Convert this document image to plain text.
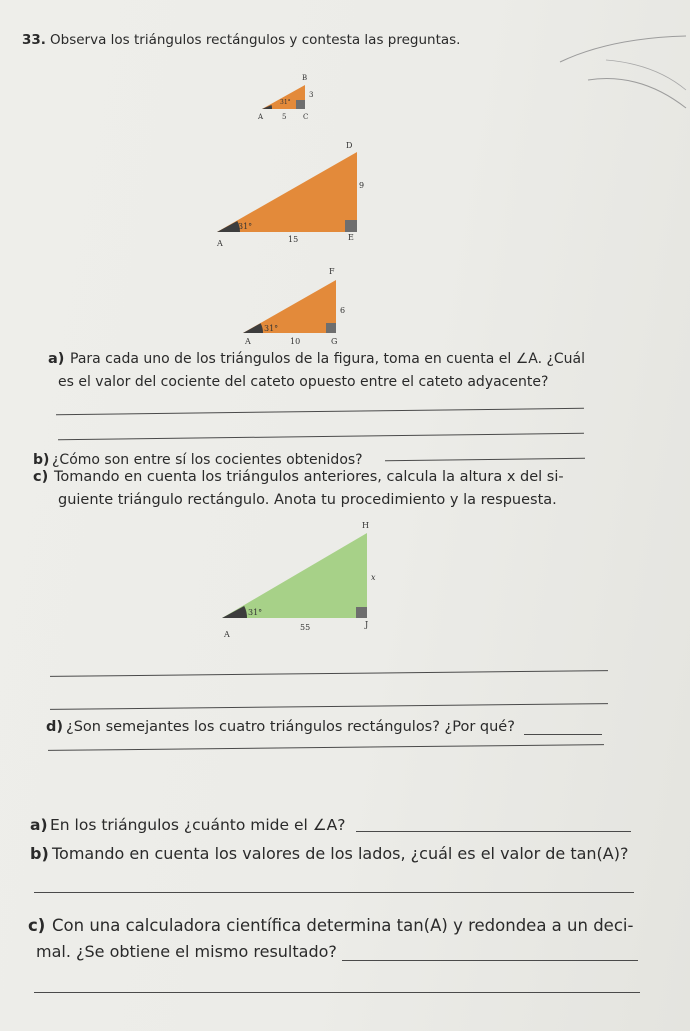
33. Observa los triángulos rectángulos y contesta las preguntas.
B
3
31°
A	5 C
D
9
31°
A	15	E
F
6
31°
A	10	G
a) Para cada uno de los triángulos de la figura, toma en cuenta el ∠A. ¿Cuál
es el valor del cociente del cateto opuesto entre el cateto adyacente?
b) ¿Cómo son entre sí los cocientes obtenidos?
c) Tomando en cuenta los triángulos anteriores, calcula la altura x del si-
guiente triángulo rectángulo. Anota tu procedimiento y la respuesta.
H
x
31°
A
55	J
d) ¿Son semejantes los cuatro triángulos rectángulos? ¿Por qué?
a) En los triángulos ¿cuánto mide el ∠A?
b) Tomando en cuenta los valores de los lados, ¿cuál es el valor de tan(A)?
c) Con una calculadora científica determina tan(A) y redondea a un deci-
mal. ¿Se obtiene el mismo resultado?
